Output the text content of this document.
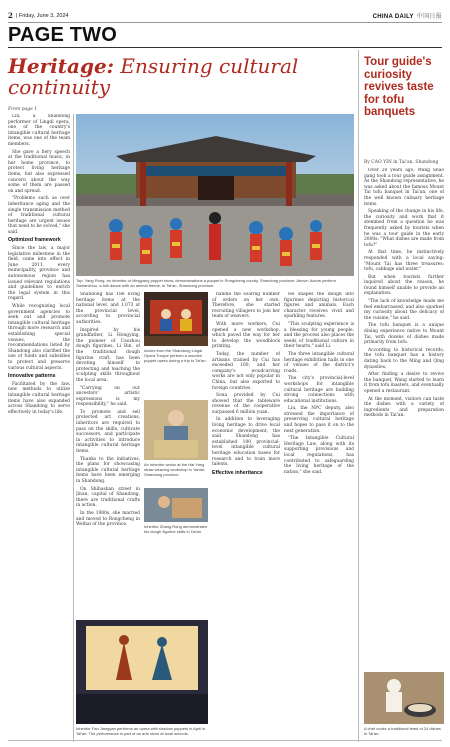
2 | Friday, June 3, 2024	CHINA DAILY 中国日报
PAGE TWO
Heritage: Ensuring cultural continuity
From page 1

Lin, a Shandong performer of Lingdi opera, one of the country's intangible cultural heritage items, was one of the team members.

She gave a fiery speech at the traditional music, in her home province, to protect living heritage items, but also expressed concern about the way some of them are passed on and spread.

"Problems such as over inheritance aging and the single transmission method of traditional cultural heritage are urgent issues that need to be solved," she said.

Optimized framework

Since the law, a major legislative milestone in the field, came into effect in June 2011, every municipality, province and autonomous region has issued relevant regulations and guidelines to enrich the legal system in this regard.

While recognizing local government agencies to seek out and promote intangible cultural heritage through more research and establishing special venues, the recommendations listed by Shandong also clarified the use of funds and subsidies to protect and preserve various cultural aspects.

Innovative patterns

Facilitated by the law, new methods to utilize intangible cultural heritage items have also expanded across Shandong to serve effectively in today's life.

Top: Yang Rong, an inheritor of Mingyang puppet show, demonstrations a puppet in Rongcheng county, Shandong province. Above: Actors perform Sanlanzhuo, a folk dance with an animal theme, in Tai'an, Shandong province.

Shandong has 186 living heritage items at the national level, and 1,073 at the provincial level, according to provincial authorities.

Inspired by his grandfather, Li Hongying, the pioneer of Caozhou dough figurines, Li Bin, of the traditional dough figurine craft, has been devoting himself to protecting and teaching the sculpting skills throughout the local area.

"Carrying on our ancestors' artistic expressions is my responsibility," he said.

To promote and sell protected art creations, inheritors are required to pass on the skills, cultivate successors, and participate in activities to introduce intangible cultural heritage items.

Thanks to the initiatives, the plans for showcasing intangible cultural heritage items have been emerging in Shandong.

On Shibashan street in Jinan, capital of Shandong, there are traditional crafts in action.

In the 1980s, she married and moved to Rongcheng in Weihai of the province.

Actors from the Shandong Lingdi Opera Troupe perform a wooden puppet opera during a trip to Tai'an.

handle the soaring number of orders on her own. Therefore, she started recruiting villagers to join her team of weavers.

With more workers, Cui opened a new workshop, which paved the way for her to develop the woodblock printing.

Today, the number of artisans trained by Cui has exceeded 100, and her company's woodcarving works are not only popular in China, but also exported to foreign countries.

Sona provided by Cui showed that the tableware revenue of the cooperative surpassed 6 million yuan.

In addition to leveraging living heritage to drive local economic development, the said Shandong has established 100 provincial-level intangible cultural heritage education bases for research and to train more talents.

Effective inheritance

He shapes the dough into figurines depicting historical figures and animals. Each character receives vivid and sparkling features.

"This sculpting experience is a blessing for young people, and the process also places the seeds of traditional culture in their hearts," said Li.

The three intangible cultural heritage exhibition halls in one of venues of the district's roads.

The city's provincial-level workshops for intangible cultural heritage are building strong connections with educational institutions.

Liu, the NPC deputy, also stressed the importance of preserving cultural heritage and hopes to pass it on to the next generation.

"The Intangible Cultural Heritage Law, along with its supporting provisions and local regulations, has contributed to safeguarding the living heritage of the nation," she said.

An inheritor works at the Hai Yang straw weaving workshop in Yantai, Shandong province.
Inheritor Zhang Rong demonstrates his dough figurine skills in Tai'an.
Inheritor Fan Jiangyan performs an opera with shadow puppets in April in Tai'an. The performance is part of an arts show at local schools.
Tour guide's curiosity revives taste for tofu banquets
By CAO YIN in Tai'an, Shandong

Over 20 years ago, Wang Shao gang took a tour guide assignment. As the Shandong representative, he was asked about the famous Mount Tai tofu banquet in Tai'an, one of the well known culinary heritage items.

Speaking of the change in his life, the curiosity and work that it stemmed from a question he was frequently asked by tourists when he was a tour guide in the early 2000s: "What dishes are made from tofu?"

At that time, he instinctively responded with a local saying: "Mount Tai has three treasures: tofu, cabbage and water."

But when tourists further inquired about the reason, he found himself unable to provide an explanation.

"The lack of knowledge made me feel embarrassed, and also sparked my curiosity about the delicacy of the cuisine," he said.

The tofu banquet is a unique dining experience native to Mount Tai, with dozens of dishes made primarily from tofu.

According to historical records, the tofu banquet has a history dating back to the Ming and Qing dynasties.

After finding a desire to revive the banquet, Wang started to learn it from tofu masters, and eventually opened a restaurant.

At the moment, visitors can taste the dishes with a variety of ingredients and preparation methods in Tai'an.

A chef cooks a traditional feast of 24 dishes in Tai'an.
